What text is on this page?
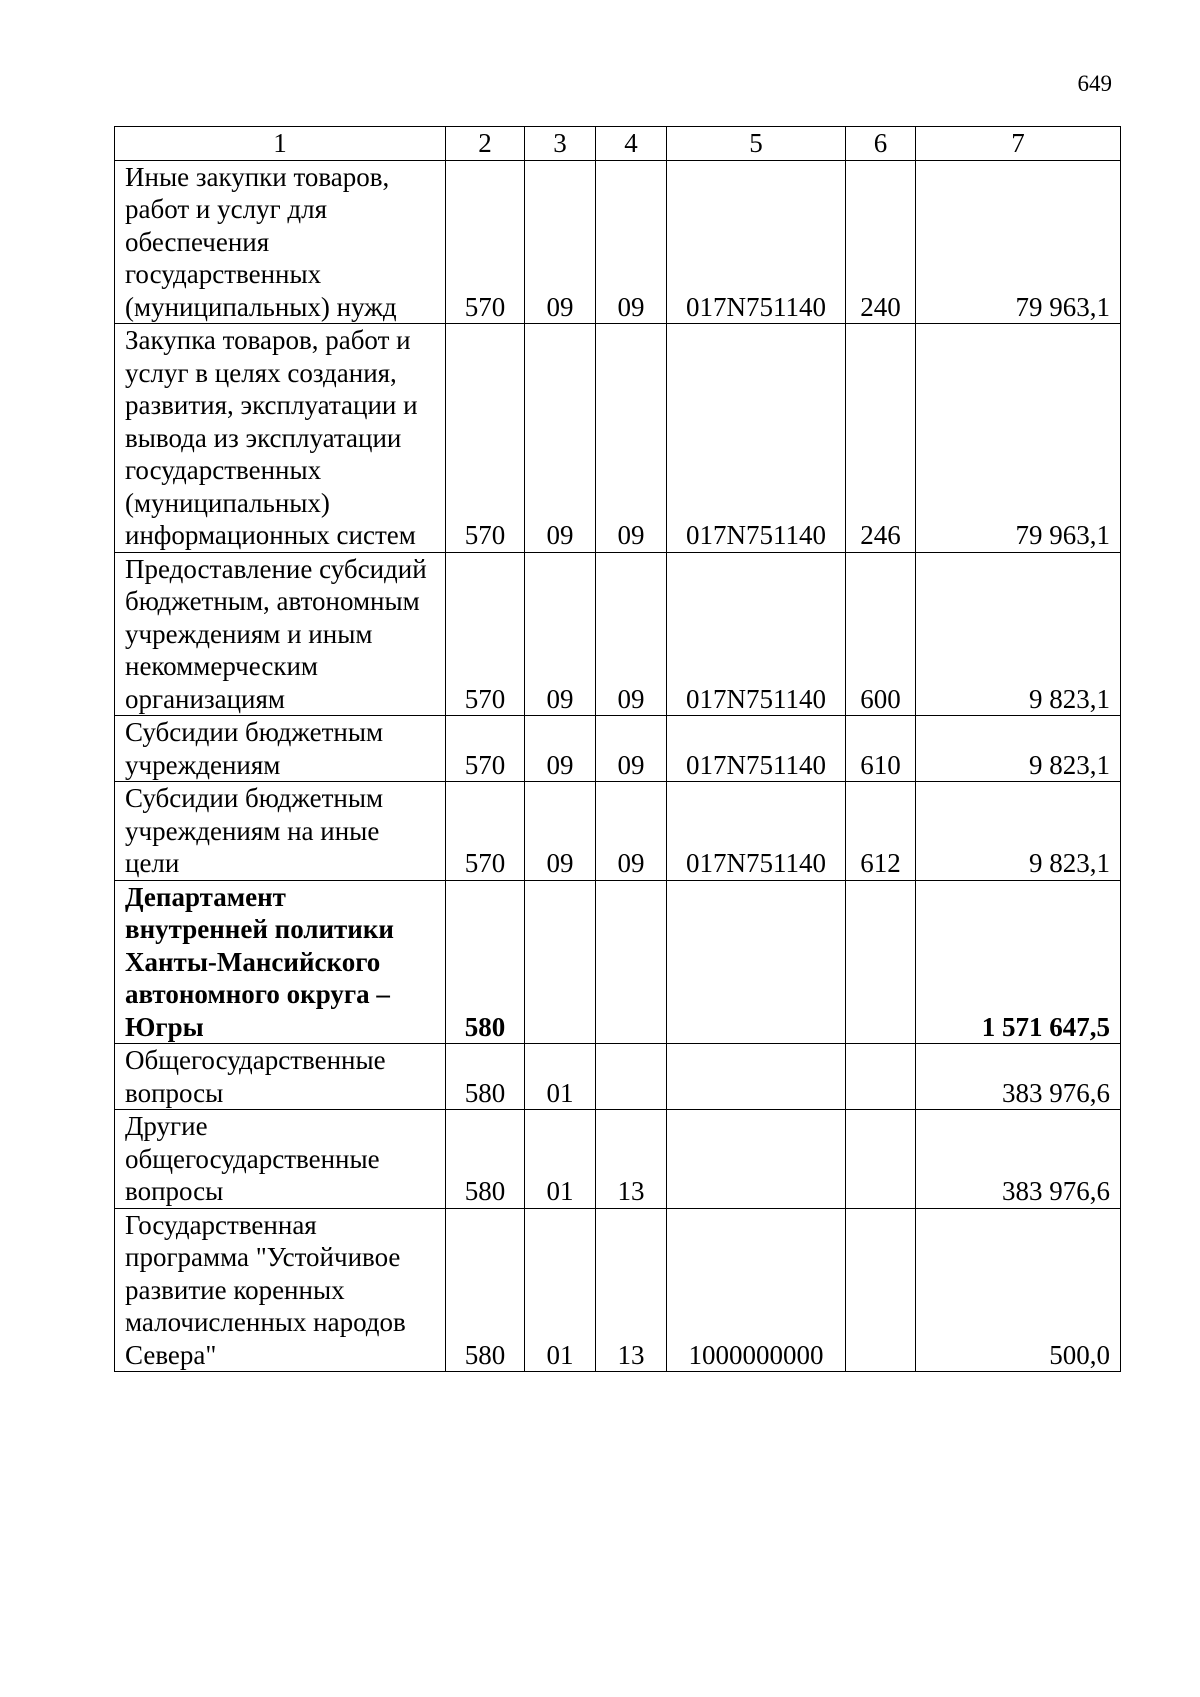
649
1	2	3	4	5	6	7
Иные закупки товаров, работ и услуг для обеспечения государственных (муниципальных) нужд	570	09	09	017N751140	240	79 963,1
Закупка товаров, работ и услуг в целях создания, развития, эксплуатации и вывода из эксплуатации государственных (муниципальных) информационных систем	570	09	09	017N751140	246	79 963,1
Предоставление субсидий бюджетным, автономным учреждениям и иным некоммерческим организациям	570	09	09	017N751140	600	9 823,1
Субсидии бюджетным учреждениям	570	09	09	017N751140	610	9 823,1
Субсидии бюджетным учреждениям на иные цели	570	09	09	017N751140	612	9 823,1
Департамент внутренней политики Ханты-Мансийского автономного округа – Югры	580					1 571 647,5
Общегосударственные вопросы	580	01				383 976,6
Другие общегосударственные вопросы	580	01	13			383 976,6
Государственная программа "Устойчивое развитие коренных малочисленных народов Севера"	580	01	13	1000000000		500,0
